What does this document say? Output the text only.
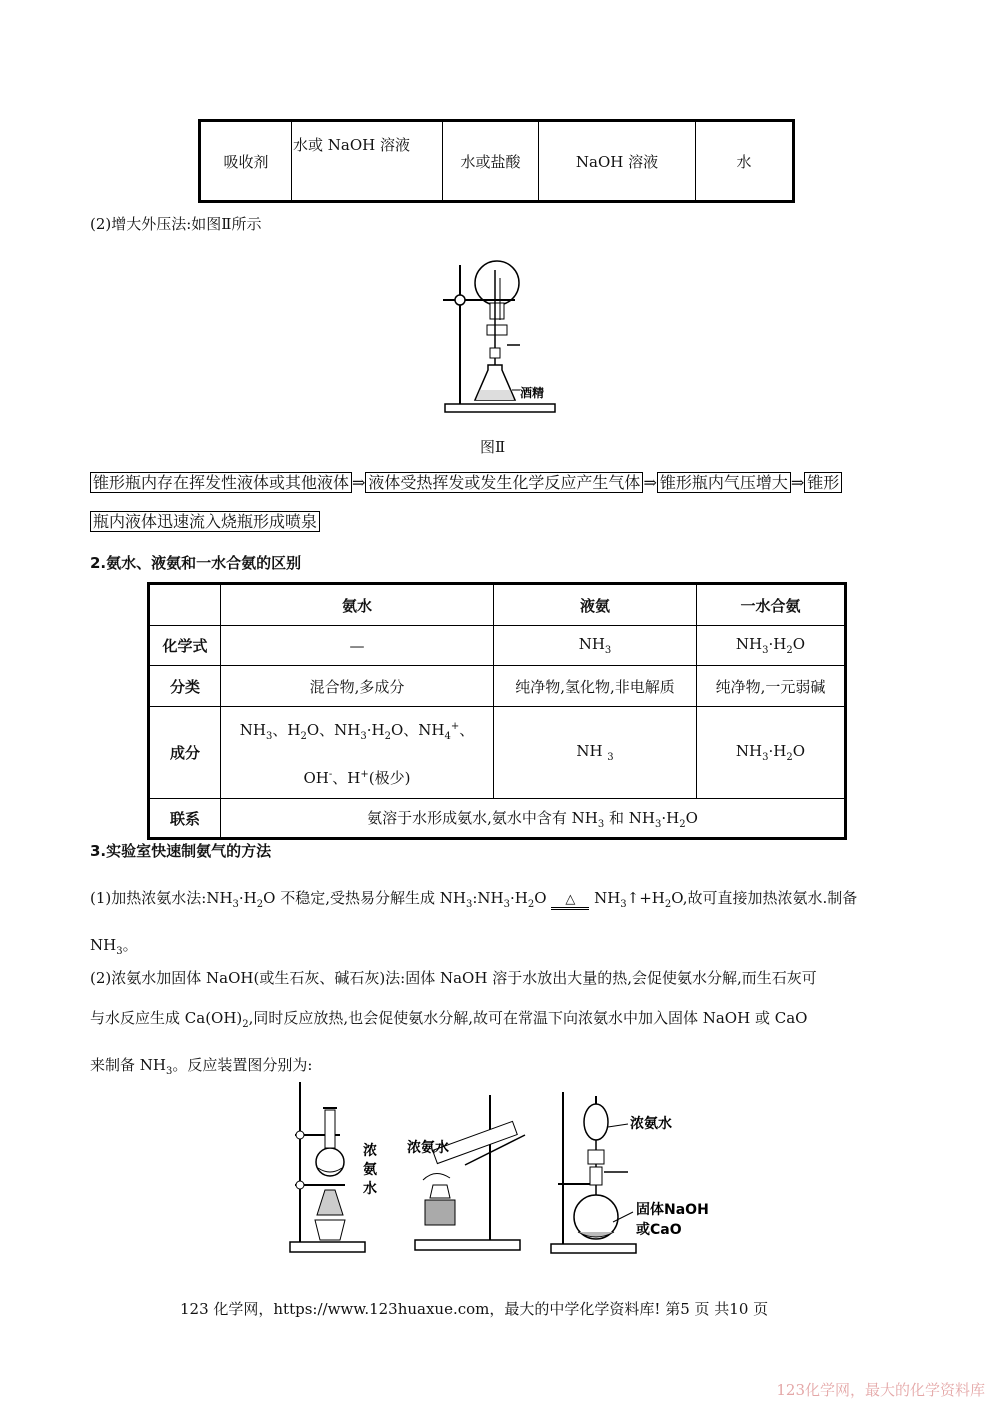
吸收剂	水或 NaOH 溶液	水或盐酸	NaOH 溶液	水
(2)增大外压法:如图Ⅱ所示
酒精
图Ⅱ
锥形瓶内存在挥发性液体或其他液体 ⇒ 液体受热挥发或发生化学反应产生气体 ⇒ 锥形瓶内气压增大 ⇒ 锥形
瓶内液体迅速流入烧瓶形成喷泉
2.氨水、液氨和一水合氨的区别
	氨水	液氨	一水合氨
化学式	—	$NH_3$	$NH_3\cdot H_2O$
分类	混合物,多成分	纯净物,氢化物,非电解质	纯净物,一元弱碱
成分	$NH_3$、$H_2O$、$NH_3\cdot H_2O$、$NH_4^+$、
OH-、H+(极少)	NH $_3$	$NH_3\cdot H_2O$
联系	氨溶于水形成氨水,氨水中含有 $NH_3$ 和 $NH_3\cdot H_2O$		
3.实验室快速制氨气的方法
(1)加热浓氨水法$:NH_3\cdot H_2O$ 不稳定,受热易分解生成 $NH_3:NH_3\cdot H_2O$ △ $NH_3↑+H_2O$,故可直接加热浓氨水.制备
$NH_3$。
(2)浓氨水加固体 NaOH(或生石灰、碱石灰)法:固体 NaOH 溶于水放出大量的热,会促使氨水分解,而生石灰可
与水反应生成 $Ca(OH)_2$,同时反应放热,也会促使氨水分解,故可在常温下向浓氨水中加入固体 NaOH 或 CaO
来制备 $NH_3$。反应装置图分别为:
浓
氨
水
浓氨水
浓氨水
固体NaOH
或CaO
123 化学网，https://www.123huaxue.com，最大的中学化学资料库! 第5 页 共10 页
123化学网，最大的化学资料库
